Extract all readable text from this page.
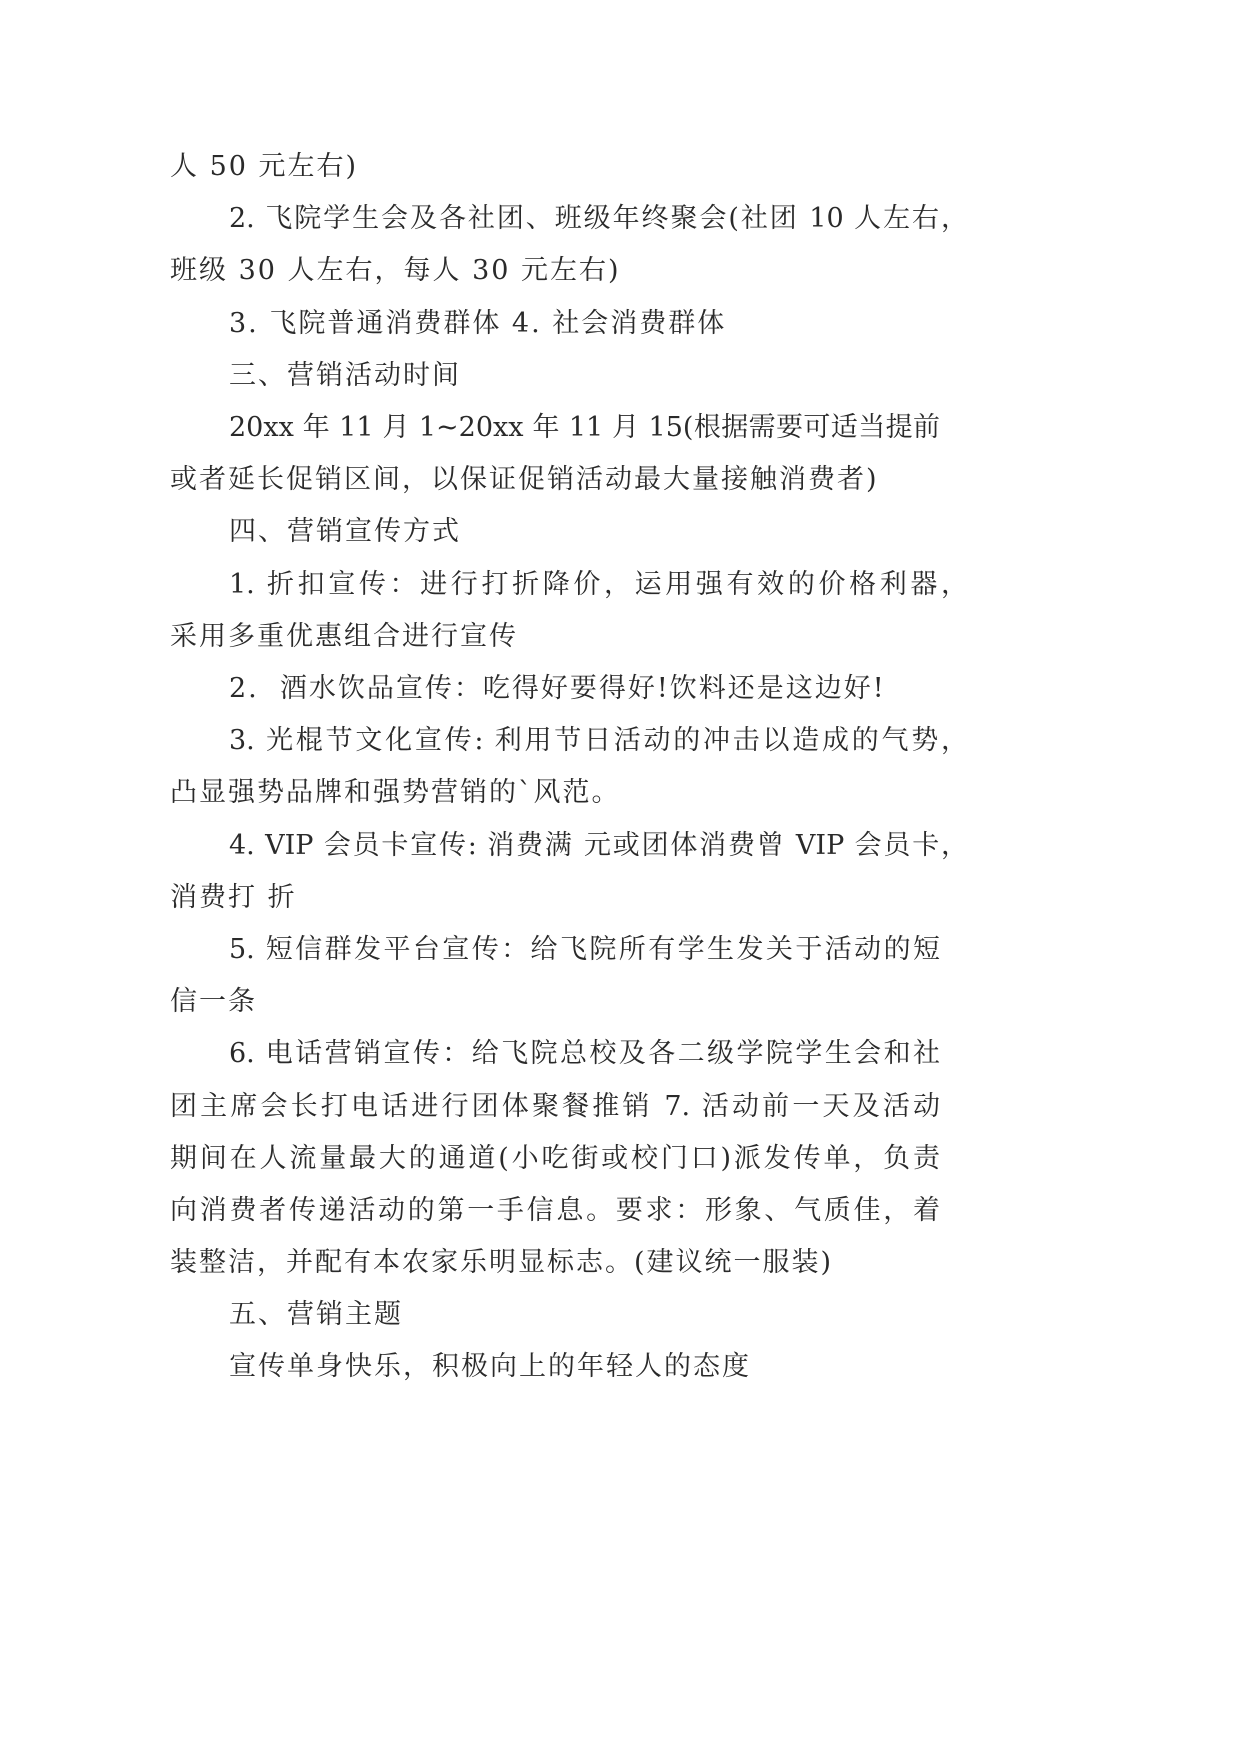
人 50 元左右)
2. 飞院学生会及各社团、班级年终聚会(社团 10 人左右，
班级 30 人左右，每人 30 元左右)
3. 飞院普通消费群体 4. 社会消费群体
三、营销活动时间
20xx 年 11 月 1~20xx 年 11 月 15(根据需要可适当提前
或者延长促销区间，以保证促销活动最大量接触消费者)
四、营销宣传方式
1. 折扣宣传：进行打折降价，运用强有效的价格利器，
采用多重优惠组合进行宣传
2.  酒水饮品宣传：吃得好要得好!饮料还是这边好!
3. 光棍节文化宣传: 利用节日活动的冲击以造成的气势，
凸显强势品牌和强势营销的`风范。
4. VIP 会员卡宣传: 消费满 元或团体消费曾 VIP 会员卡，
消费打 折
5. 短信群发平台宣传：给飞院所有学生发关于活动的短
信一条
6. 电话营销宣传：给飞院总校及各二级学院学生会和社
团主席会长打电话进行团体聚餐推销 7. 活动前一天及活动
期间在人流量最大的通道(小吃街或校门口)派发传单，负责
向消费者传递活动的第一手信息。要求：形象、气质佳，着
装整洁，并配有本农家乐明显标志。(建议统一服装)
五、营销主题
宣传单身快乐，积极向上的年轻人的态度
